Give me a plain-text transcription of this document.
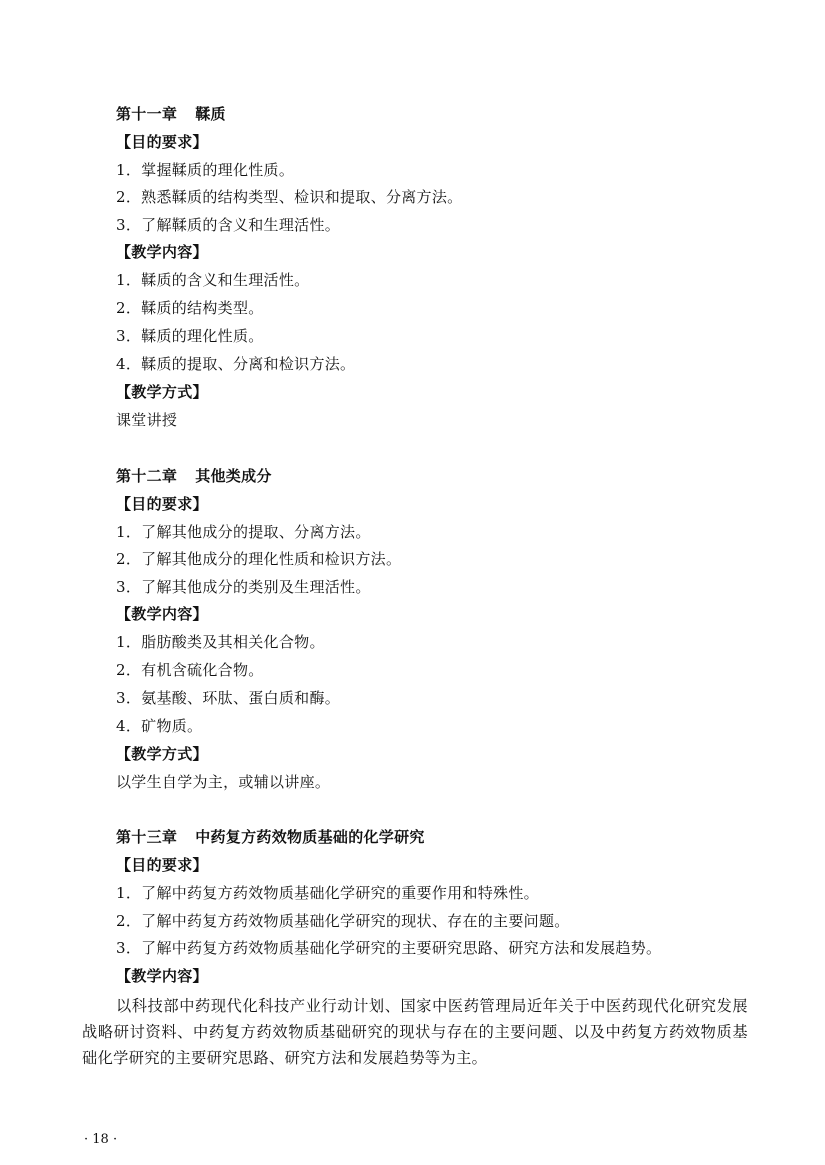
第十一章 鞣质
【目的要求】
1．掌握鞣质的理化性质。
2．熟悉鞣质的结构类型、检识和提取、分离方法。
3．了解鞣质的含义和生理活性。
【教学内容】
1．鞣质的含义和生理活性。
2．鞣质的结构类型。
3．鞣质的理化性质。
4．鞣质的提取、分离和检识方法。
【教学方式】
课堂讲授
第十二章 其他类成分
【目的要求】
1．了解其他成分的提取、分离方法。
2．了解其他成分的理化性质和检识方法。
3．了解其他成分的类别及生理活性。
【教学内容】
1．脂肪酸类及其相关化合物。
2．有机含硫化合物。
3．氨基酸、环肽、蛋白质和酶。
4．矿物质。
【教学方式】
以学生自学为主，或辅以讲座。
第十三章 中药复方药效物质基础的化学研究
【目的要求】
1．了解中药复方药效物质基础化学研究的重要作用和特殊性。
2．了解中药复方药效物质基础化学研究的现状、存在的主要问题。
3．了解中药复方药效物质基础化学研究的主要研究思路、研究方法和发展趋势。
【教学内容】
以科技部中药现代化科技产业行动计划、国家中医药管理局近年关于中医药现代化研究发展战略研讨资料、中药复方药效物质基础研究的现状与存在的主要问题、以及中药复方药效物质基础化学研究的主要研究思路、研究方法和发展趋势等为主。
· 18 ·
